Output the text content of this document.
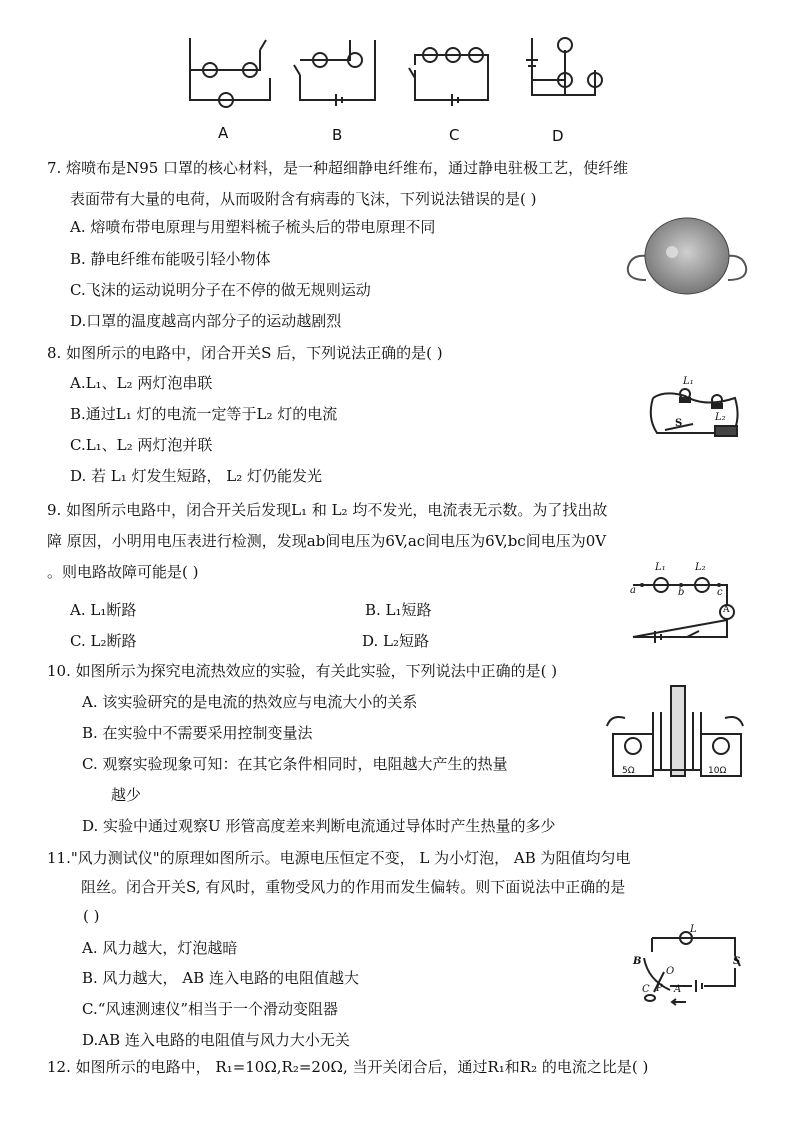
A	B	C	D
7. 熔喷布是N95 口罩的核心材料，是一种超细静电纤维布，通过静电驻极工艺，使纤维
表面带有大量的电荷，从而吸附含有病毒的飞沫，下列说法错误的是( )
A. 熔喷布带电原理与用塑料梳子梳头后的带电原理不同
B. 静电纤维布能吸引轻小物体
C.飞沫的运动说明分子在不停的做无规则运动
D.口罩的温度越高内部分子的运动越剧烈
8. 如图所示的电路中，闭合开关S 后，下列说法正确的是( )
A.L₁、L₂ 两灯泡串联
B.通过L₁ 灯的电流一定等于L₂ 灯的电流
C.L₁、L₂ 两灯泡并联
D. 若 L₁ 灯发生短路， L₂ 灯仍能发光
L₁
L₂
S
9. 如图所示电路中，闭合开关后发现L₁ 和 L₂ 均不发光，电流表无示数。为了找出故
障 原因，小明用电压表进行检测，发现ab间电压为6V,ac间电压为6V,bc间电压为0V
。则电路故障可能是( )
A. L₁断路	B. L₁短路
C. L₂断路	D. L₂短路
L₁	L₂
a	b	c
A
10. 如图所示为探究电流热效应的实验，有关此实验，下列说法中正确的是( )
A. 该实验研究的是电流的热效应与电流大小的关系
B. 在实验中不需要采用控制变量法
C. 观察实验现象可知：在其它条件相同时，电阻越大产生的热量
越少
D. 实验中通过观察U 形管高度差来判断电流通过导体时产生热量的多少
5Ω	10Ω
11."风力测试仪"的原理如图所示。电源电压恒定不变， L 为小灯泡， AB 为阻值均匀电
阻丝。闭合开关S, 有风时，重物受风力的作用而发生偏转。则下面说法中正确的是
( )
A. 风力越大，灯泡越暗
B. 风力越大， AB 连入电路的电阻值越大
C.“风速测速仪”相当于一个滑动变阻器
D.AB 连入电路的电阻值与风力大小无关
L
B
O
S
C P A
12. 如图所示的电路中， R₁=10Ω,R₂=20Ω, 当开关闭合后，通过R₁和R₂ 的电流之比是( )
